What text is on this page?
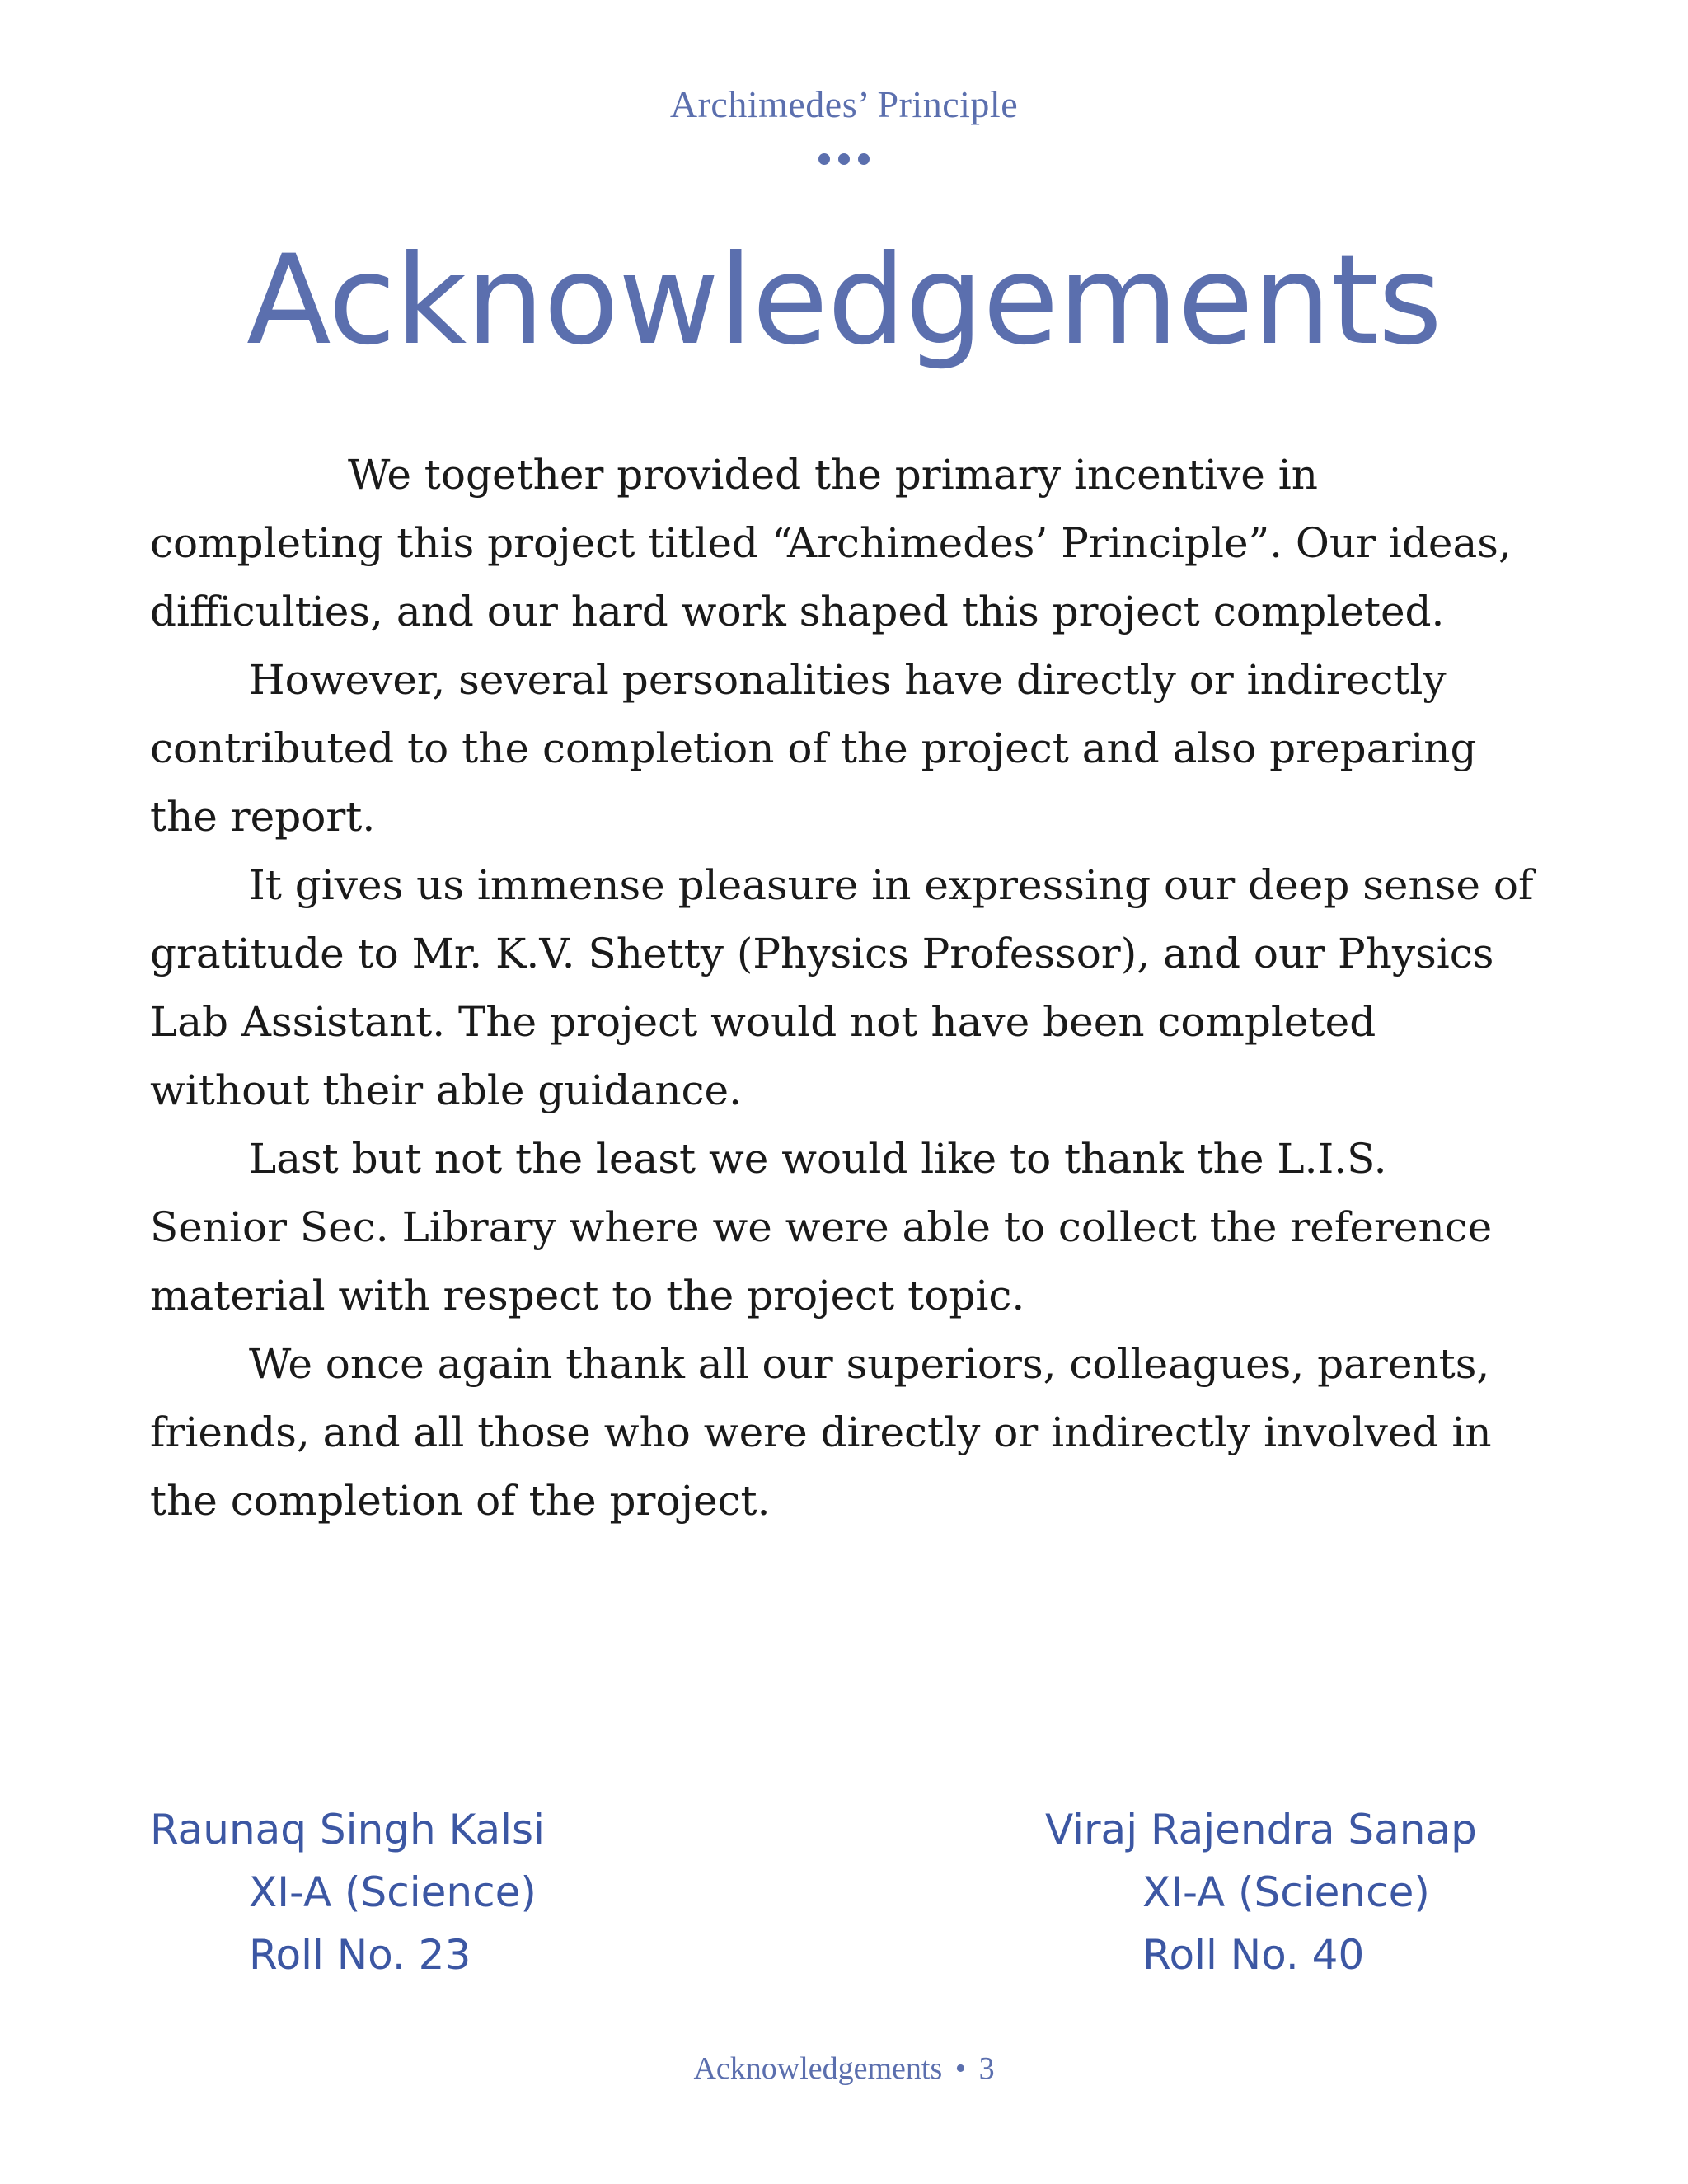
Archimedes’ Principle
Acknowledgements

We together provided the primary incentive in completing this project titled “Archimedes’ Principle”. Our ideas, difficulties, and our hard work shaped this project completed.

However, several personalities have directly or indirectly contributed to the completion of the project and also preparing the report.

It gives us immense pleasure in expressing our deep sense of gratitude to Mr. K.V. Shetty (Physics Professor), and our Physics Lab Assistant. The project would not have been completed without their able guidance.

Last but not the least we would like to thank the L.I.S. Senior Sec. Library where we were able to collect the reference material with respect to the project topic.

We once again thank all our superiors, colleagues, parents, friends, and all those who were directly or indirectly involved in the completion of the project.

Raunaq Singh Kalsi
XI-A (Science)
Roll No. 23
Viraj Rajendra Sanap
XI-A (Science)
Roll No. 40
Acknowledgements • 3
